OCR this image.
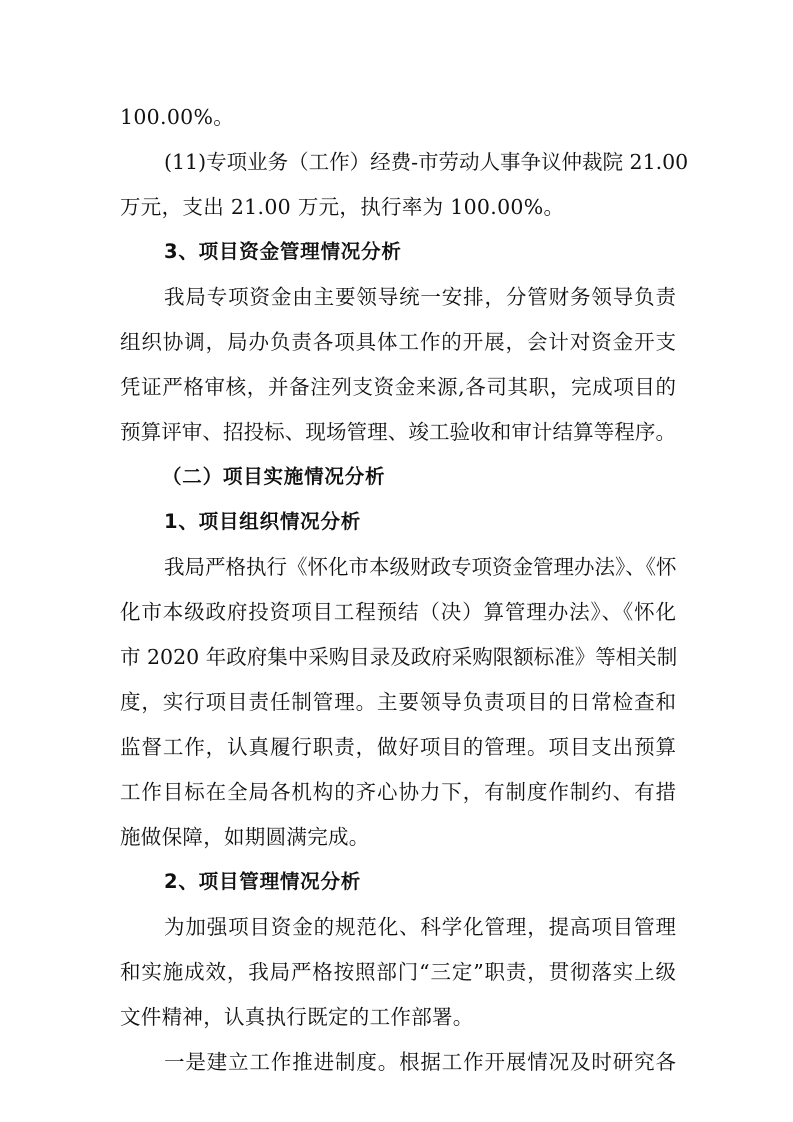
100.00%。
(11)专项业务（工作）经费-市劳动人事争议仲裁院 21.00
万元，支出 21.00 万元，执行率为 100.00%。
3、项目资金管理情况分析
我局专项资金由主要领导统一安排，分管财务领导负责
组织协调，局办负责各项具体工作的开展，会计对资金开支
凭证严格审核，并备注列支资金来源,各司其职，完成项目的
预算评审、招投标、现场管理、竣工验收和审计结算等程序。
（二）项目实施情况分析
1、项目组织情况分析
我局严格执行《怀化市本级财政专项资金管理办法》、《怀
化市本级政府投资项目工程预结（决）算管理办法》、《怀化
市 2020 年政府集中采购目录及政府采购限额标准》等相关制
度，实行项目责任制管理。主要领导负责项目的日常检查和
监督工作，认真履行职责，做好项目的管理。项目支出预算
工作目标在全局各机构的齐心协力下，有制度作制约、有措
施做保障，如期圆满完成。
2、项目管理情况分析
为加强项目资金的规范化、科学化管理，提高项目管理
和实施成效，我局严格按照部门“三定”职责，贯彻落实上级
文件精神，认真执行既定的工作部署。
一是建立工作推进制度。根据工作开展情况及时研究各
